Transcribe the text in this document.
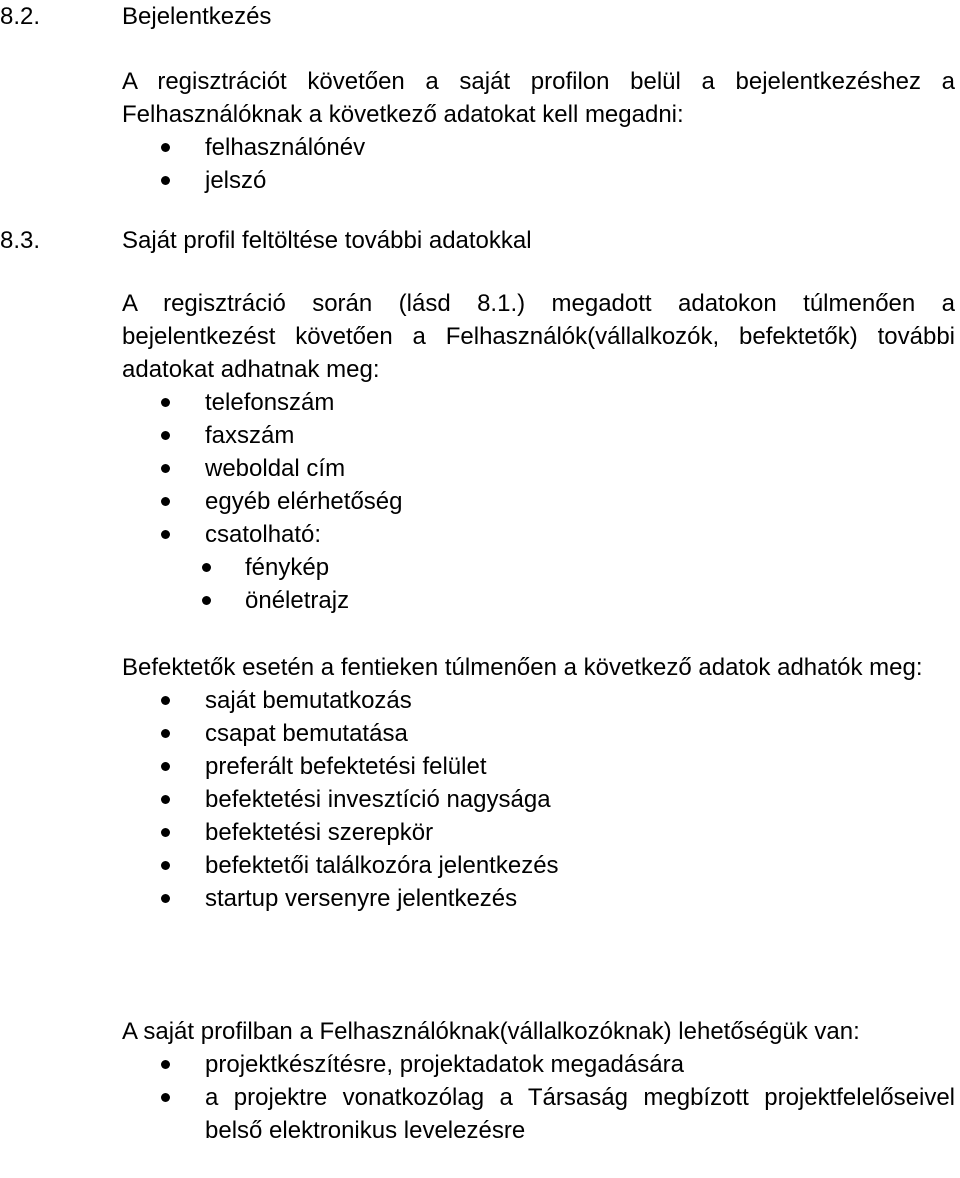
8.2.	Bejelentkezés

A regisztrációt követően a saját profilon belül a bejelentkezéshez a Felhasználóknak a következő adatokat kell megadni:

felhasználónév
jelszó
8.3.	Saját profil feltöltése további adatokkal

A regisztráció során (lásd 8.1.) megadott adatokon túlmenően a bejelentkezést követően a Felhasználók(vállalkozók, befektetők) további adatokat adhatnak meg:

telefonszám
faxszám
weboldal cím
egyéb elérhetőség
csatolható:
fénykép
önéletrajz

Befektetők esetén a fentieken túlmenően a következő adatok adhatók meg:

saját bemutatkozás
csapat bemutatása
preferált befektetési felület
befektetési invesztíció nagysága
befektetési szerepkör
befektetői találkozóra jelentkezés
startup versenyre jelentkezés

A saját profilban a Felhasználóknak(vállalkozóknak) lehetőségük van:

projektkészítésre, projektadatok megadására
a projektre vonatkozólag a Társaság megbízott projektfelelőseivel belső elektronikus levelezésre
